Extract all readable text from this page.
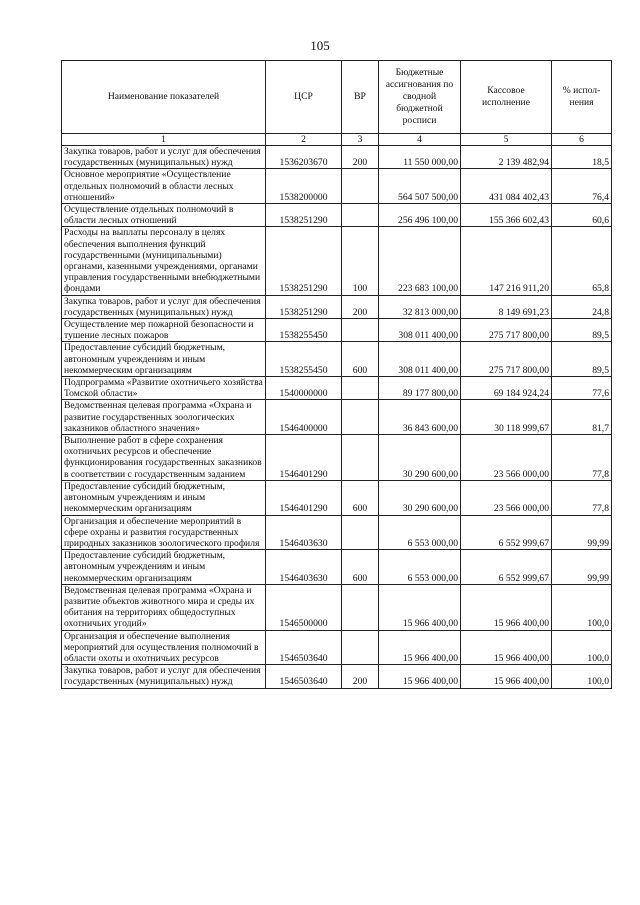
105
Наименование показателей	ЦСР	ВР	Бюджетные ассигнования по сводной бюджетной росписи	Кассовое исполнение	% испол- нения
1	2	3	4	5	6
Закупка товаров, работ и услуг для обеспечения государственных (муниципальных) нужд	1536203670	200	11 550 000,00	2 139 482,94	18,5
Основное мероприятие «Осуществление отдельных полномочий в области лесных отношений»	1538200000		564 507 500,00	431 084 402,43	76,4
Осуществление отдельных полномочий в области лесных отношений	1538251290		256 496 100,00	155 366 602,43	60,6
Расходы на выплаты персоналу в целях обеспечения выполнения функций государственными (муниципальными) органами, казенными учреждениями, органами управления государственными внебюджетными фондами	1538251290	100	223 683 100,00	147 216 911,20	65,8
Закупка товаров, работ и услуг для обеспечения государственных (муниципальных) нужд	1538251290	200	32 813 000,00	8 149 691,23	24,8
Осуществление мер пожарной безопасности и тушение лесных пожаров	1538255450		308 011 400,00	275 717 800,00	89,5
Предоставление субсидий бюджетным, автономным учреждениям и иным некоммерческим организациям	1538255450	600	308 011 400,00	275 717 800,00	89,5
Подпрограмма «Развитие охотничьего хозяйства Томской области»	1540000000		89 177 800,00	69 184 924,24	77,6
Ведомственная целевая программа «Охрана и развитие государственных зоологических заказников областного значения»	1546400000		36 843 600,00	30 118 999,67	81,7
Выполнение работ в сфере сохранения охотничьих ресурсов и обеспечение функционирования государственных заказников в соответствии с государственным заданием	1546401290		30 290 600,00	23 566 000,00	77,8
Предоставление субсидий бюджетным, автономным учреждениям и иным некоммерческим организациям	1546401290	600	30 290 600,00	23 566 000,00	77,8
Организация и обеспечение мероприятий в сфере охраны и развития государственных природных заказников зоологического профиля	1546403630		6 553 000,00	6 552 999,67	99,99
Предоставление субсидий бюджетным, автономным учреждениям и иным некоммерческим организациям	1546403630	600	6 553 000,00	6 552 999,67	99,99
Ведомственная целевая программа «Охрана и развитие объектов животного мира и среды их обитания на территориях общедоступных охотничьих угодий»	1546500000		15 966 400,00	15 966 400,00	100,0
Организация и обеспечение выполнения мероприятий для осуществления полномочий в области охоты и охотничьих ресурсов	1546503640		15 966 400,00	15 966 400,00	100,0
Закупка товаров, работ и услуг для обеспечения государственных (муниципальных) нужд	1546503640	200	15 966 400,00	15 966 400,00	100,0
